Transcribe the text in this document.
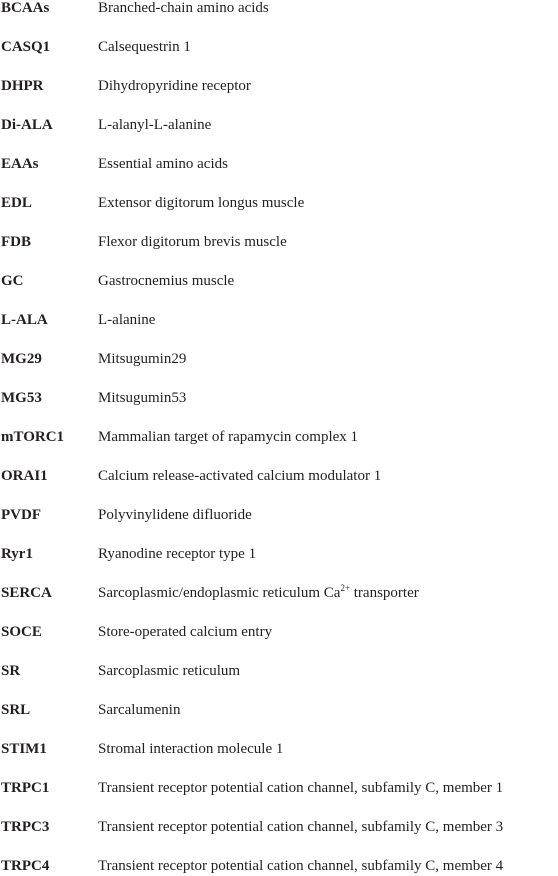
BCAAs	Branched-chain amino acids
CASQ1	Calsequestrin 1
DHPR	Dihydropyridine receptor
Di-ALA	L-alanyl-L-alanine
EAAs	Essential amino acids
EDL	Extensor digitorum longus muscle
FDB	Flexor digitorum brevis muscle
GC	Gastrocnemius muscle
L-ALA	L-alanine
MG29	Mitsugumin29
MG53	Mitsugumin53
mTORC1 Mammalian target of rapamycin complex 1
ORAI1	Calcium release-activated calcium modulator 1
PVDF	Polyvinylidene difluoride
Ryr1	Ryanodine receptor type 1
SERCA	Sarcoplasmic/endoplasmic reticulum $Ca^{2+}$ transporter
SOCE	Store-operated calcium entry
SR	Sarcoplasmic reticulum
SRL	Sarcalumenin
STIM1	Stromal interaction molecule 1
TRPC1	Transient receptor potential cation channel, subfamily C, member 1
TRPC3	Transient receptor potential cation channel, subfamily C, member 3
TRPC4	Transient receptor potential cation channel, subfamily C, member 4
